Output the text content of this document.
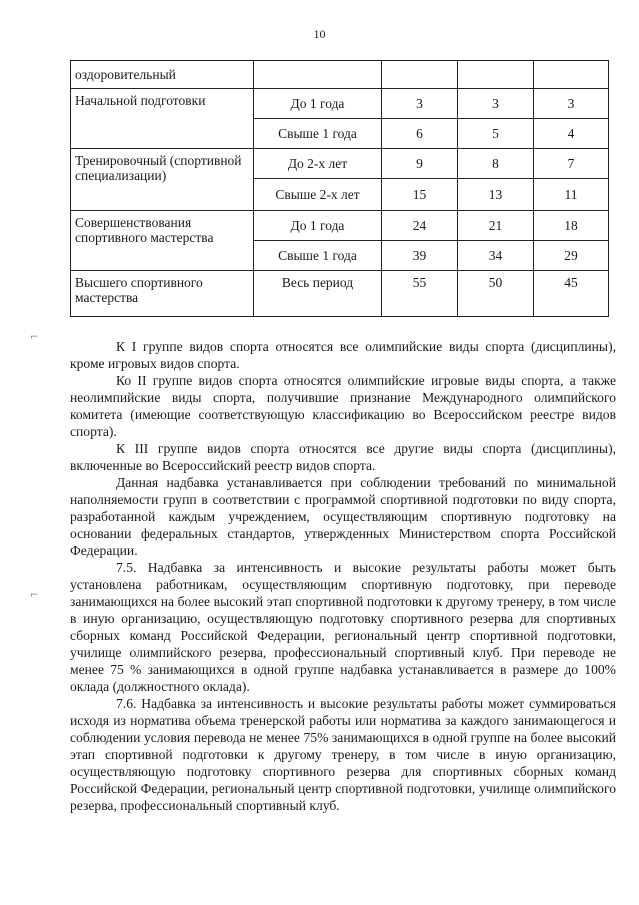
10
оздоровительный				
Начальной подготовки	До 1 года	3	3	3
	Свыше 1 года	6	5	4
Тренировочный (спортивной специализации)	До 2-х лет	9	8	7
	Свыше 2-х лет	15	13	11
Совершенствования спортивного мастерства	До 1 года	24	21	18
	Свыше 1 года	39	34	29
Высшего спортивного мастерства	Весь период	55	50	45
⌐
⌐

К I группе видов спорта относятся все олимпийские виды спорта (дисциплины), кроме игровых видов спорта.

Ко II группе видов спорта относятся олимпийские игровые виды спорта, а также неолимпийские виды спорта, получившие признание Международного олимпийского комитета (имеющие соответствующую классификацию во Всероссийском реестре видов спорта).

К III группе видов спорта относятся все другие виды спорта (дисциплины), включенные во Всероссийский реестр видов спорта.

Данная надбавка устанавливается при соблюдении требований по минимальной наполняемости групп в соответствии с программой спортивной подготовки по виду спорта, разработанной каждым учреждением, осуществляющим спортивную подготовку на основании федеральных стандартов, утвержденных Министерством спорта Российской Федерации.

7.5. Надбавка за интенсивность и высокие результаты работы может быть установлена работникам, осуществляющим спортивную подготовку, при переводе занимающихся на более высокий этап спортивной подготовки к другому тренеру, в том числе в иную организацию, осуществляющую подготовку спортивного резерва для спортивных сборных команд Российской Федерации, региональный центр спортивной подготовки, училище олимпийского резерва, профессиональный спортивный клуб. При переводе не менее 75 % занимающихся в одной группе надбавка устанавливается в размере до 100% оклада (должностного оклада).

7.6. Надбавка за интенсивность и высокие результаты работы может суммироваться исходя из норматива объема тренерской работы или норматива за каждого занимающегося и соблюдении условия перевода не менее 75% занимающихся в одной группе на более высокий этап спортивной подготовки к другому тренеру, в том числе в иную организацию, осуществляющую подготовку спортивного резерва для спортивных сборных команд Российской Федерации, региональный центр спортивной подготовки, училище олимпийского резерва, профессиональный спортивный клуб.
